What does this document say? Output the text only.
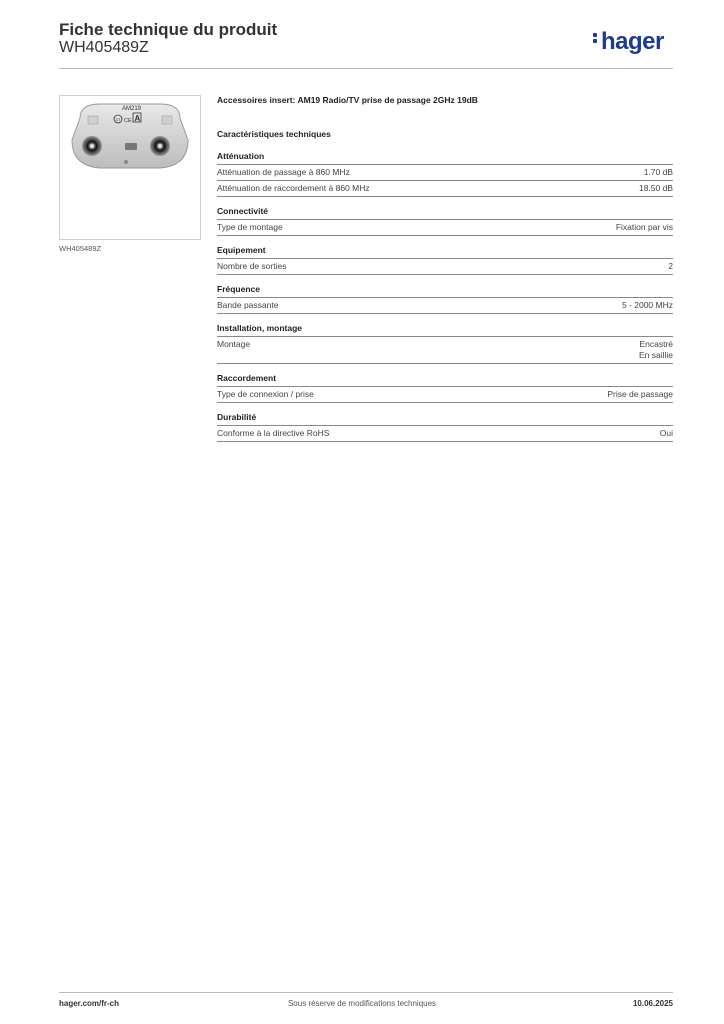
Fiche technique du produit
WH405489Z	hager
AM219
ZT CE A
WH405489Z
Accessoires insert: AM19 Radio/TV prise de passage 2GHz 19dB
Caractéristiques techniques
Atténuation
Atténuation de passage à 860 MHz	1.70 dB
Atténuation de raccordement à 860 MHz	18.50 dB
Connectivité
Type de montage	Fixation par vis
Equipement
Nombre de sorties	2
Fréquence
Bande passante	5 - 2000 MHz
Installation, montage
Montage	Encastré
En saillie
Raccordement
Type de connexion / prise	Prise de passage
Durabilité
Conforme à la directive RoHS	Oui
hager.com/fr-ch	Sous réserve de modifications techniques	10.06.2025
